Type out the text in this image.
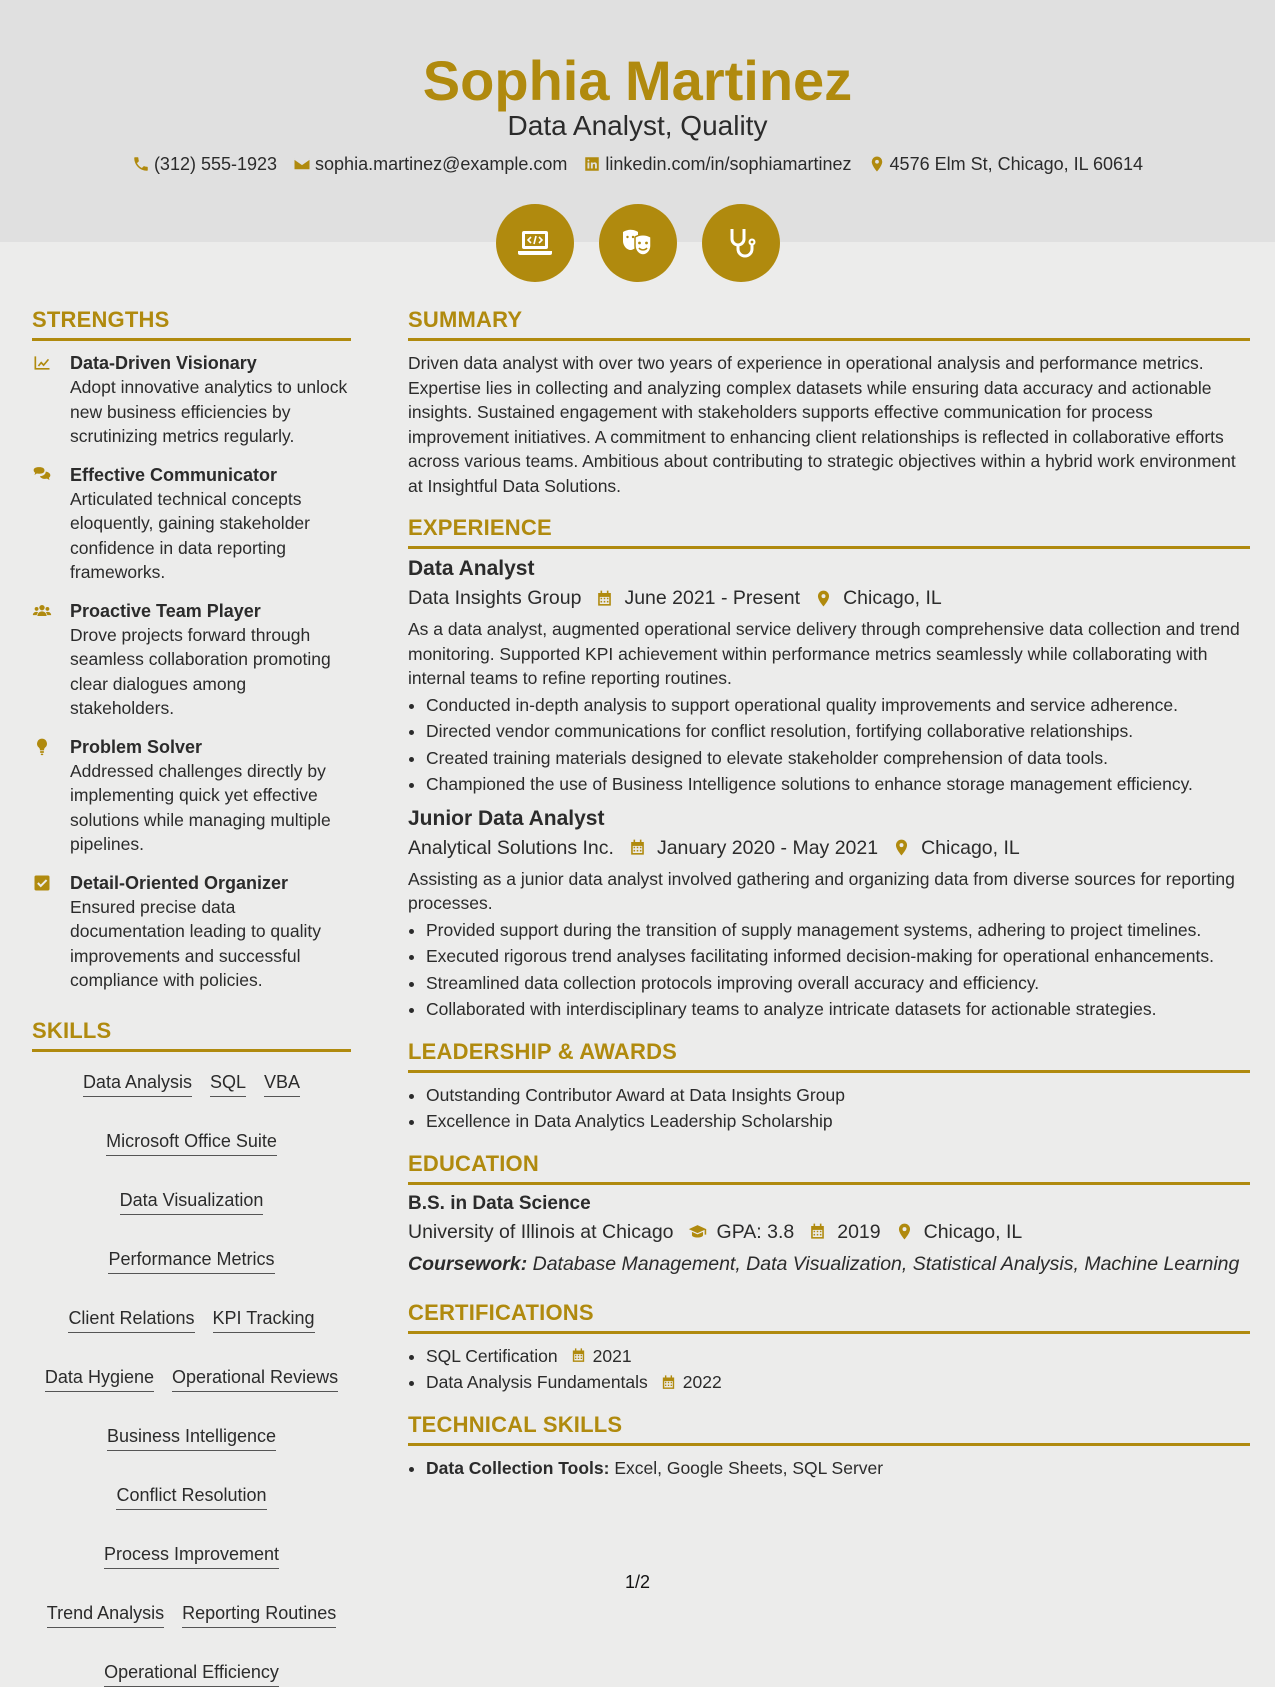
Sophia Martinez
Data Analyst, Quality
(312) 555-1923 sophia.martinez@example.com linkedin.com/in/sophiamartinez 4576 Elm St, Chicago, IL 60614
STRENGTHS
Data-Driven Visionary
Adopt innovative analytics to unlock new business efficiencies by scrutinizing metrics regularly.
Effective Communicator
Articulated technical concepts eloquently, gaining stakeholder confidence in data reporting frameworks.
Proactive Team Player
Drove projects forward through seamless collaboration promoting clear dialogues among stakeholders.
Problem Solver
Addressed challenges directly by implementing quick yet effective solutions while managing multiple pipelines.
Detail-Oriented Organizer
Ensured precise data documentation leading to quality improvements and successful compliance with policies.
SKILLS
Data Analysis SQL VBA
Microsoft Office Suite
Data Visualization
Performance Metrics
Client Relations KPI Tracking
Data Hygiene Operational Reviews
Business Intelligence
Conflict Resolution
Process Improvement
Trend Analysis Reporting Routines
Operational Efficiency
SUMMARY

Driven data analyst with over two years of experience in operational analysis and performance metrics. Expertise lies in collecting and analyzing complex datasets while ensuring data accuracy and actionable insights. Sustained engagement with stakeholders supports effective communication for process improvement initiatives. A commitment to enhancing client relationships is reflected in collaborative efforts across various teams. Ambitious about contributing to strategic objectives within a hybrid work environment at Insightful Data Solutions.

EXPERIENCE
Data Analyst
Data Insights Group June 2021 - Present Chicago, IL

As a data analyst, augmented operational service delivery through comprehensive data collection and trend monitoring. Supported KPI achievement within performance metrics seamlessly while collaborating with internal teams to refine reporting routines.

• Conducted in-depth analysis to support operational quality improvements and service adherence.
• Directed vendor communications for conflict resolution, fortifying collaborative relationships.
• Created training materials designed to elevate stakeholder comprehension of data tools.
• Championed the use of Business Intelligence solutions to enhance storage management efficiency.
Junior Data Analyst
Analytical Solutions Inc. January 2020 - May 2021 Chicago, IL

Assisting as a junior data analyst involved gathering and organizing data from diverse sources for reporting processes.

• Provided support during the transition of supply management systems, adhering to project timelines.
• Executed rigorous trend analyses facilitating informed decision-making for operational enhancements.
• Streamlined data collection protocols improving overall accuracy and efficiency.
• Collaborated with interdisciplinary teams to analyze intricate datasets for actionable strategies.
LEADERSHIP & AWARDS
• Outstanding Contributor Award at Data Insights Group
• Excellence in Data Analytics Leadership Scholarship
EDUCATION
B.S. in Data Science
University of Illinois at Chicago GPA: 3.8 2019 Chicago, IL
Coursework: Database Management, Data Visualization, Statistical Analysis, Machine Learning
CERTIFICATIONS
• SQL Certification 2021
• Data Analysis Fundamentals 2022
TECHNICAL SKILLS
• Data Collection Tools: Excel, Google Sheets, SQL Server
1/2
